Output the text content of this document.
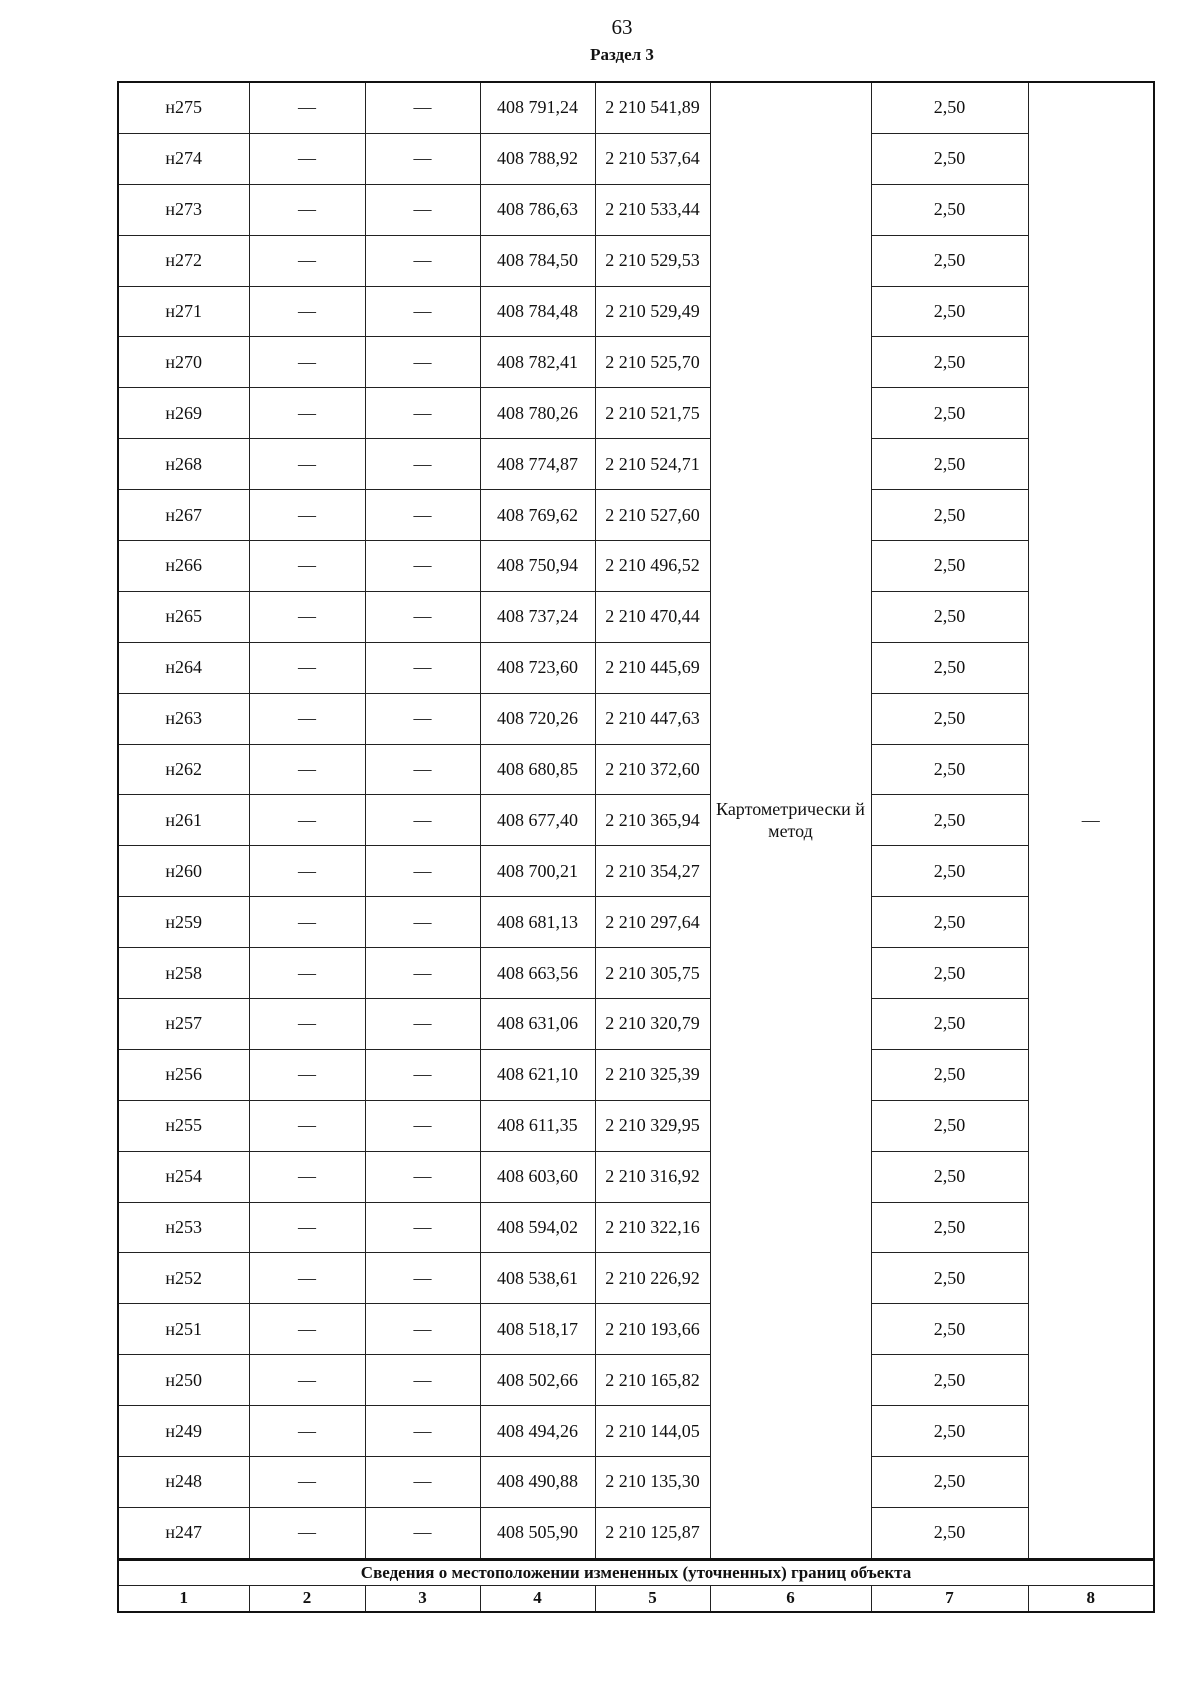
63
Раздел 3
н275	—	—	408 791,24	2 210 541,89	Картометрически й метод	2,50	—
н274	—	—	408 788,92	2 210 537,64		2,50	
н273	—	—	408 786,63	2 210 533,44		2,50	
н272	—	—	408 784,50	2 210 529,53		2,50	
н271	—	—	408 784,48	2 210 529,49		2,50	
н270	—	—	408 782,41	2 210 525,70		2,50	
н269	—	—	408 780,26	2 210 521,75		2,50	
н268	—	—	408 774,87	2 210 524,71		2,50	
н267	—	—	408 769,62	2 210 527,60		2,50	
н266	—	—	408 750,94	2 210 496,52		2,50	
н265	—	—	408 737,24	2 210 470,44		2,50	
н264	—	—	408 723,60	2 210 445,69		2,50	
н263	—	—	408 720,26	2 210 447,63		2,50	
н262	—	—	408 680,85	2 210 372,60		2,50	
н261	—	—	408 677,40	2 210 365,94		2,50	
н260	—	—	408 700,21	2 210 354,27		2,50	
н259	—	—	408 681,13	2 210 297,64		2,50	
н258	—	—	408 663,56	2 210 305,75		2,50	
н257	—	—	408 631,06	2 210 320,79		2,50	
н256	—	—	408 621,10	2 210 325,39		2,50	
н255	—	—	408 611,35	2 210 329,95		2,50	
н254	—	—	408 603,60	2 210 316,92		2,50	
н253	—	—	408 594,02	2 210 322,16		2,50	
н252	—	—	408 538,61	2 210 226,92		2,50	
н251	—	—	408 518,17	2 210 193,66		2,50	
н250	—	—	408 502,66	2 210 165,82		2,50	
н249	—	—	408 494,26	2 210 144,05		2,50	
н248	—	—	408 490,88	2 210 135,30		2,50	
н247	—	—	408 505,90	2 210 125,87		2,50	
Сведения о местоположении измененных (уточненных) границ объекта							
1	2	3	4	5	6	7	8
